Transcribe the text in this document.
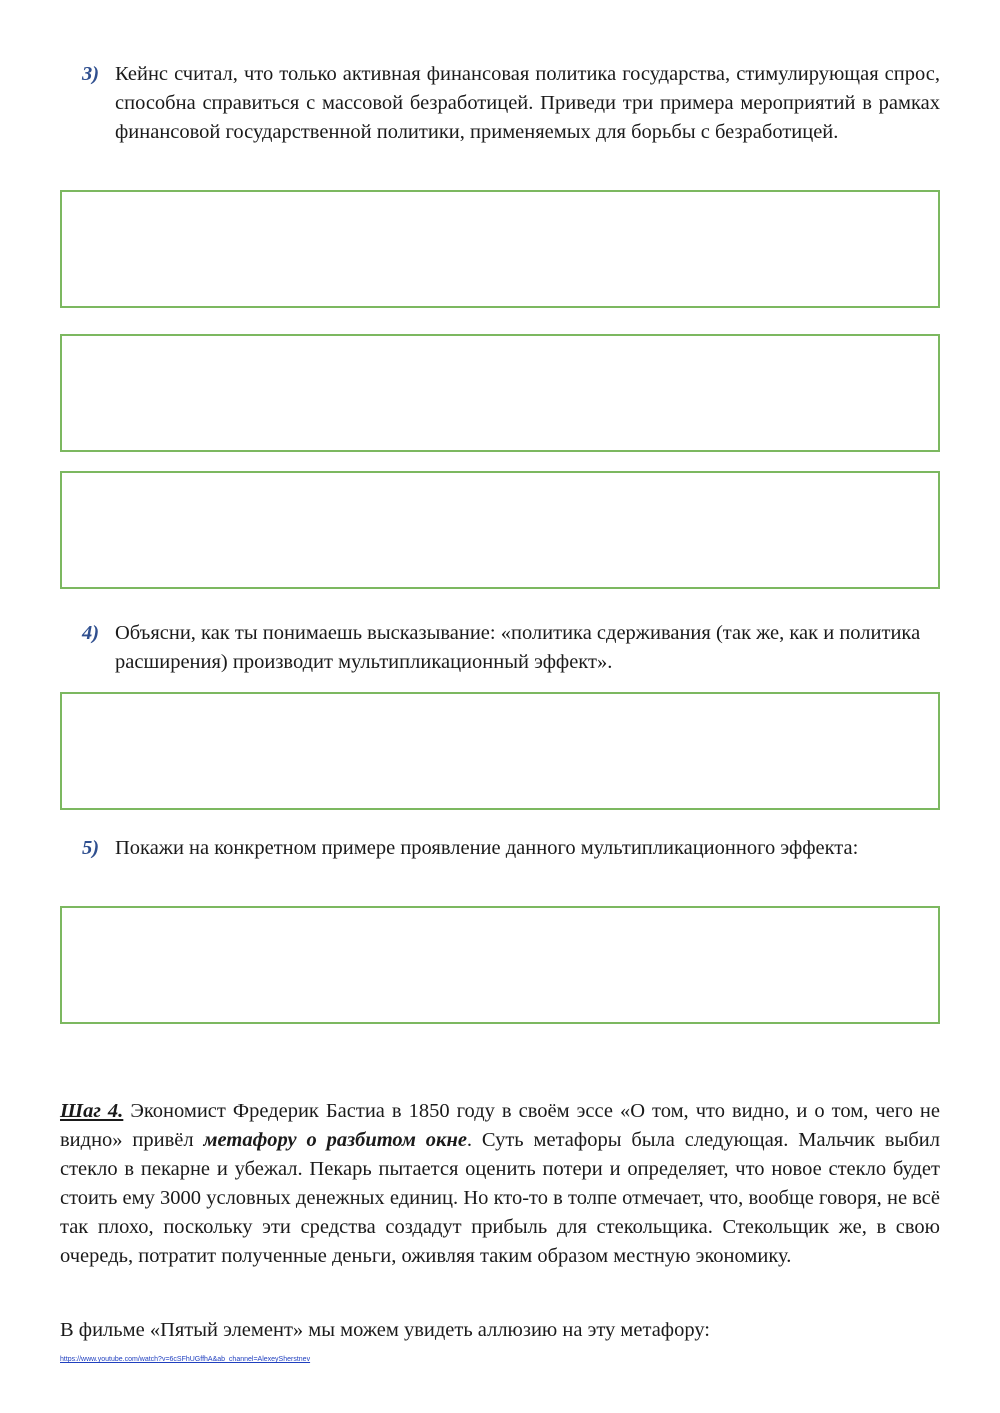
3) Кейнс считал, что только активная финансовая политика государства, стимулирующая спрос, способна справиться с массовой безработицей. Приведи три примера мероприятий в рамках финансовой государственной политики, применяемых для борьбы с безработицей.
4) Объясни, как ты понимаешь высказывание: «политика сдерживания (так же, как и политика расширения) производит мультипликационный эффект».
5) Покажи на конкретном примере проявление данного мультипликационного эффекта:
Шаг 4. Экономист Фредерик Бастиа в 1850 году в своём эссе «О том, что видно, и о том, чего не видно» привёл метафору о разбитом окне. Суть метафоры была следующая. Мальчик выбил стекло в пекарне и убежал. Пекарь пытается оценить потери и определяет, что новое стекло будет стоить ему 3000 условных денежных единиц. Но кто-то в толпе отмечает, что, вообще говоря, не всё так плохо, поскольку эти средства создадут прибыль для стекольщика. Стекольщик же, в свою очередь, потратит полученные деньги, оживляя таким образом местную экономику.
В фильме «Пятый элемент» мы можем увидеть аллюзию на эту метафору:
https://www.youtube.com/watch?v=6cSFhUGffhA&ab_channel=AlexeySherstnev
